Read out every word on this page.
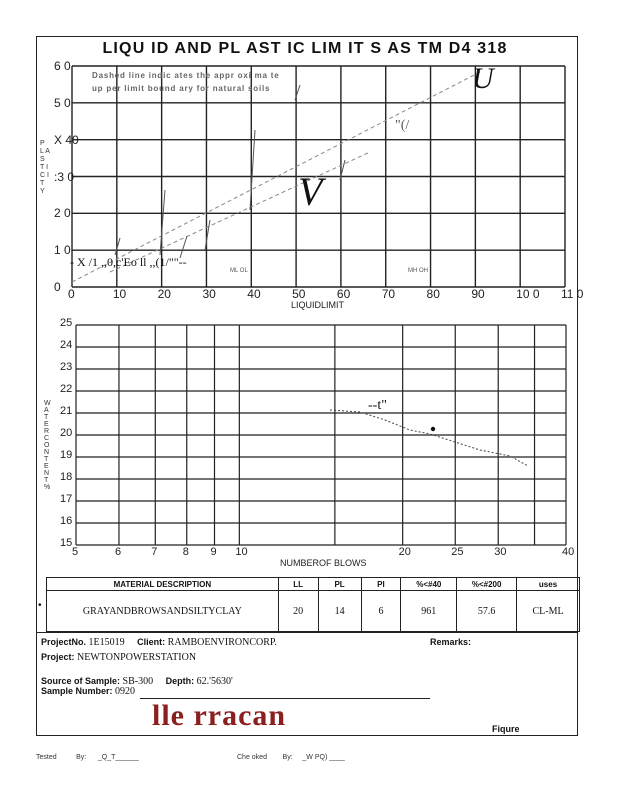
LIQU ID AND PL AST IC LIM IT S AS TM D4 318
Dashed line indic ates the appr oxi ma te
up per limit bound ary for natural soils	U
V
"(/
- X /1 ,,0,c'Eo ll ,,(1/""--
MH OH
ML OL
6 0
5 0
X 40
:3 0
2 0
1 0
0 0	10	20	30	40	50	60	70	80	90	10 0 11 0
LIQUIDLIMIT
P L A S T I C I T Y
--t"
25
24
23
22
21
20
19
18
17
16
15
5	6	7 8 9 10	20	25	30	40
NUMBEROF BLOWS
W A T E R C O N T E N T %
•
MATERIAL DESCRIPTION	LL	PL	PI	%<#40	%<#200	uses
GRAYANDBROWSANDSILTYCLAY	20	14	6	961	57.6	CL-ML
ProjectNo. 1E15019 Client: RAMBOENVIRONCORP.	Remarks:
Project: NEWTONPOWERSTATION
Source of Sample: SB-300 Depth: 62.'5630'
Sample Number: 0920
lle rracan	Fiqure
Tested	By: _Q_T______	Che oked By: _W PQ) ____
